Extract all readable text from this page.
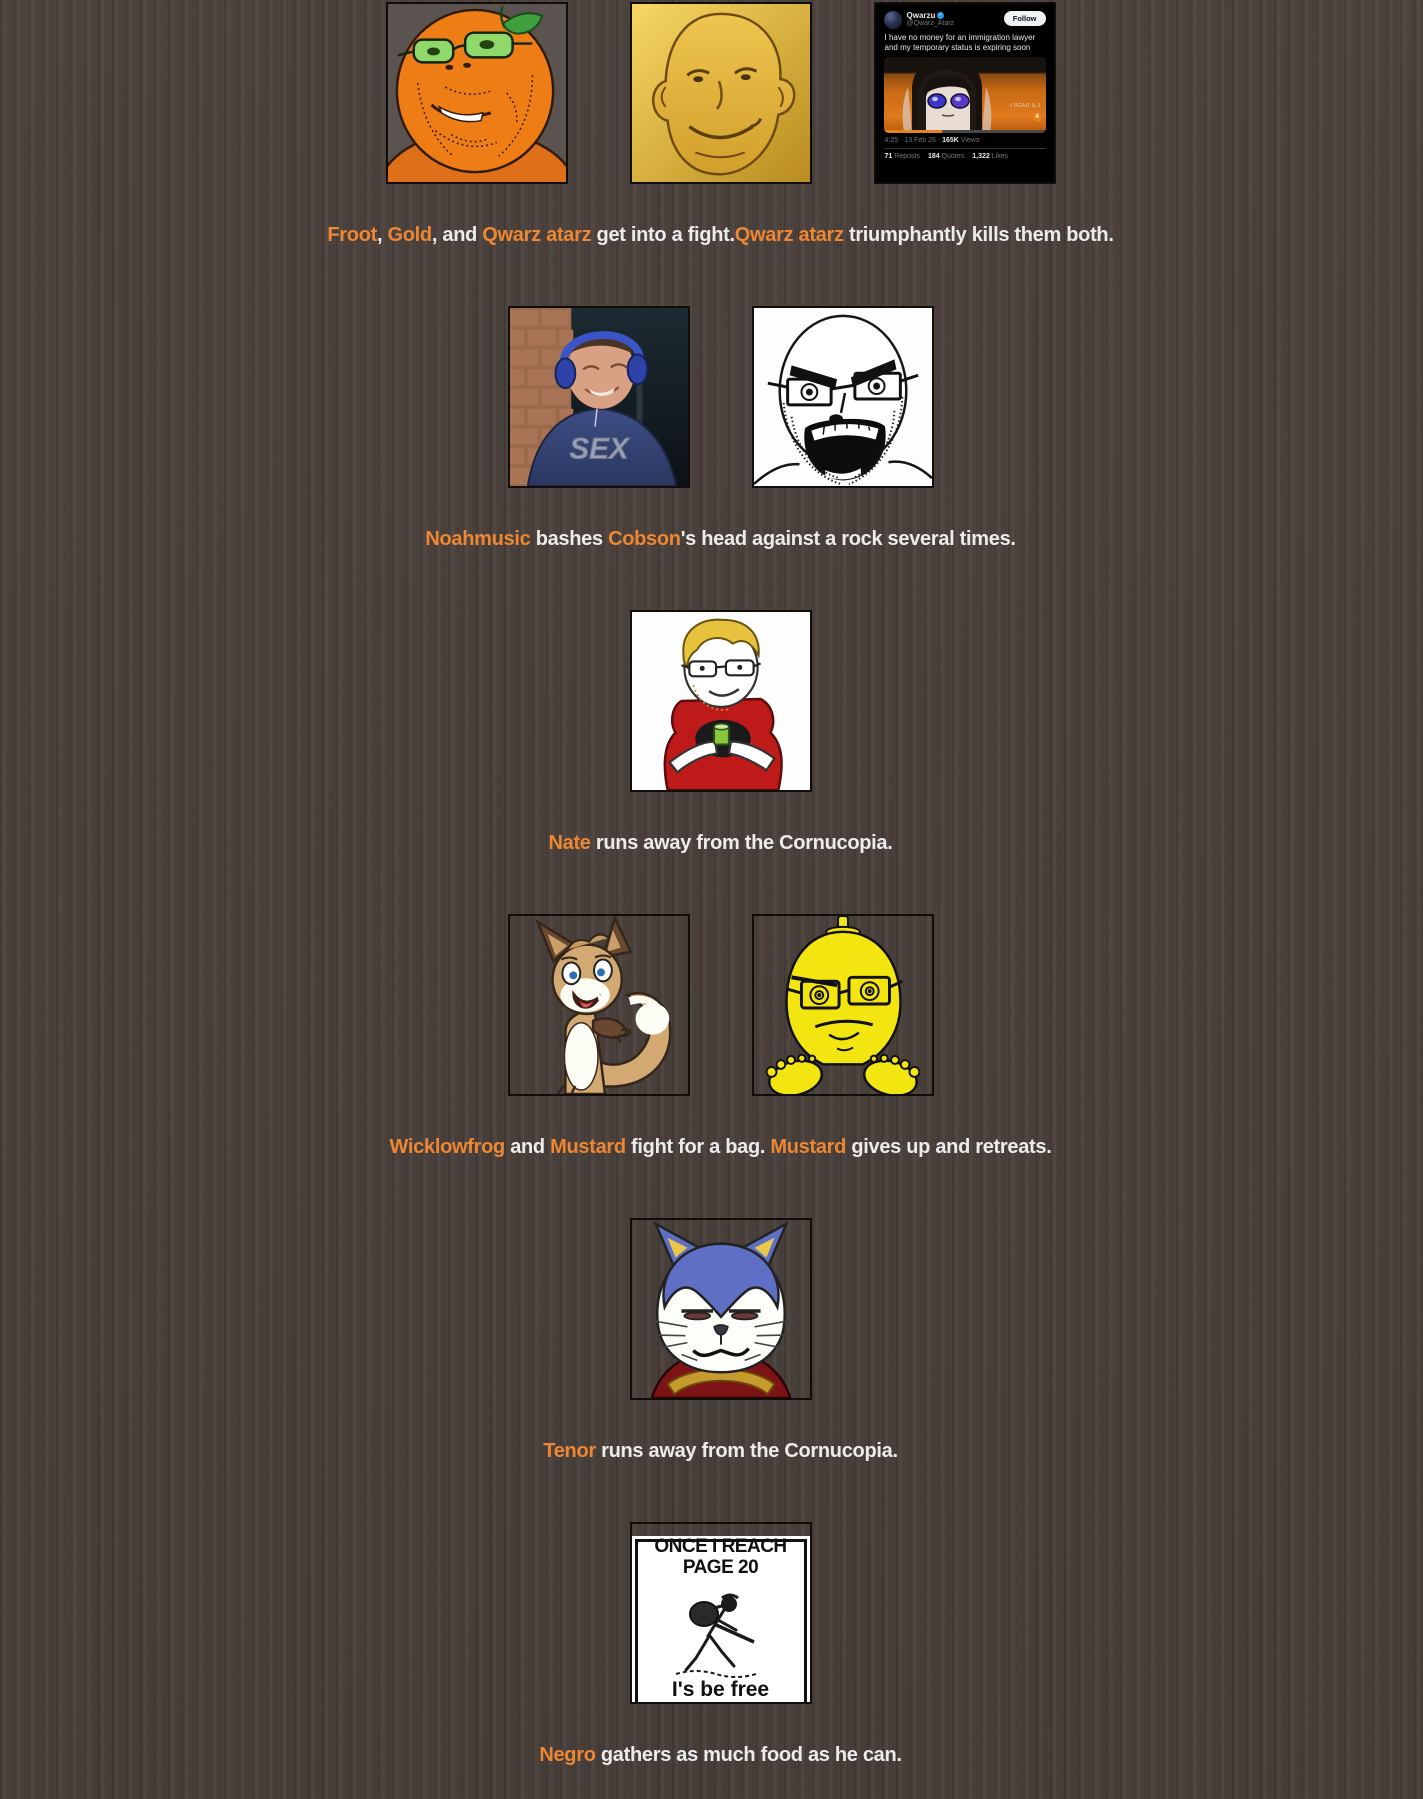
Qwarzu ✓
@Qwarz_Atarz
Follow
I have no money for an immigration lawyer and my temporary status is expiring soon
I READ S.J
4
4:25 · 13 Feb 26 · 165K Views
71 Reposts 184 Quotes 1,322 Likes
Froot, Gold, and Qwarz atarz get into a fight.Qwarz atarz triumphantly kills them both.
SEX
Noahmusic bashes Cobson's head against a rock several times.
Nate runs away from the Cornucopia.
Wicklowfrog and Mustard fight for a bag. Mustard gives up and retreats.
Tenor runs away from the Cornucopia.
ONCE I REACH
PAGE 20
I's be free
Negro gathers as much food as he can.
